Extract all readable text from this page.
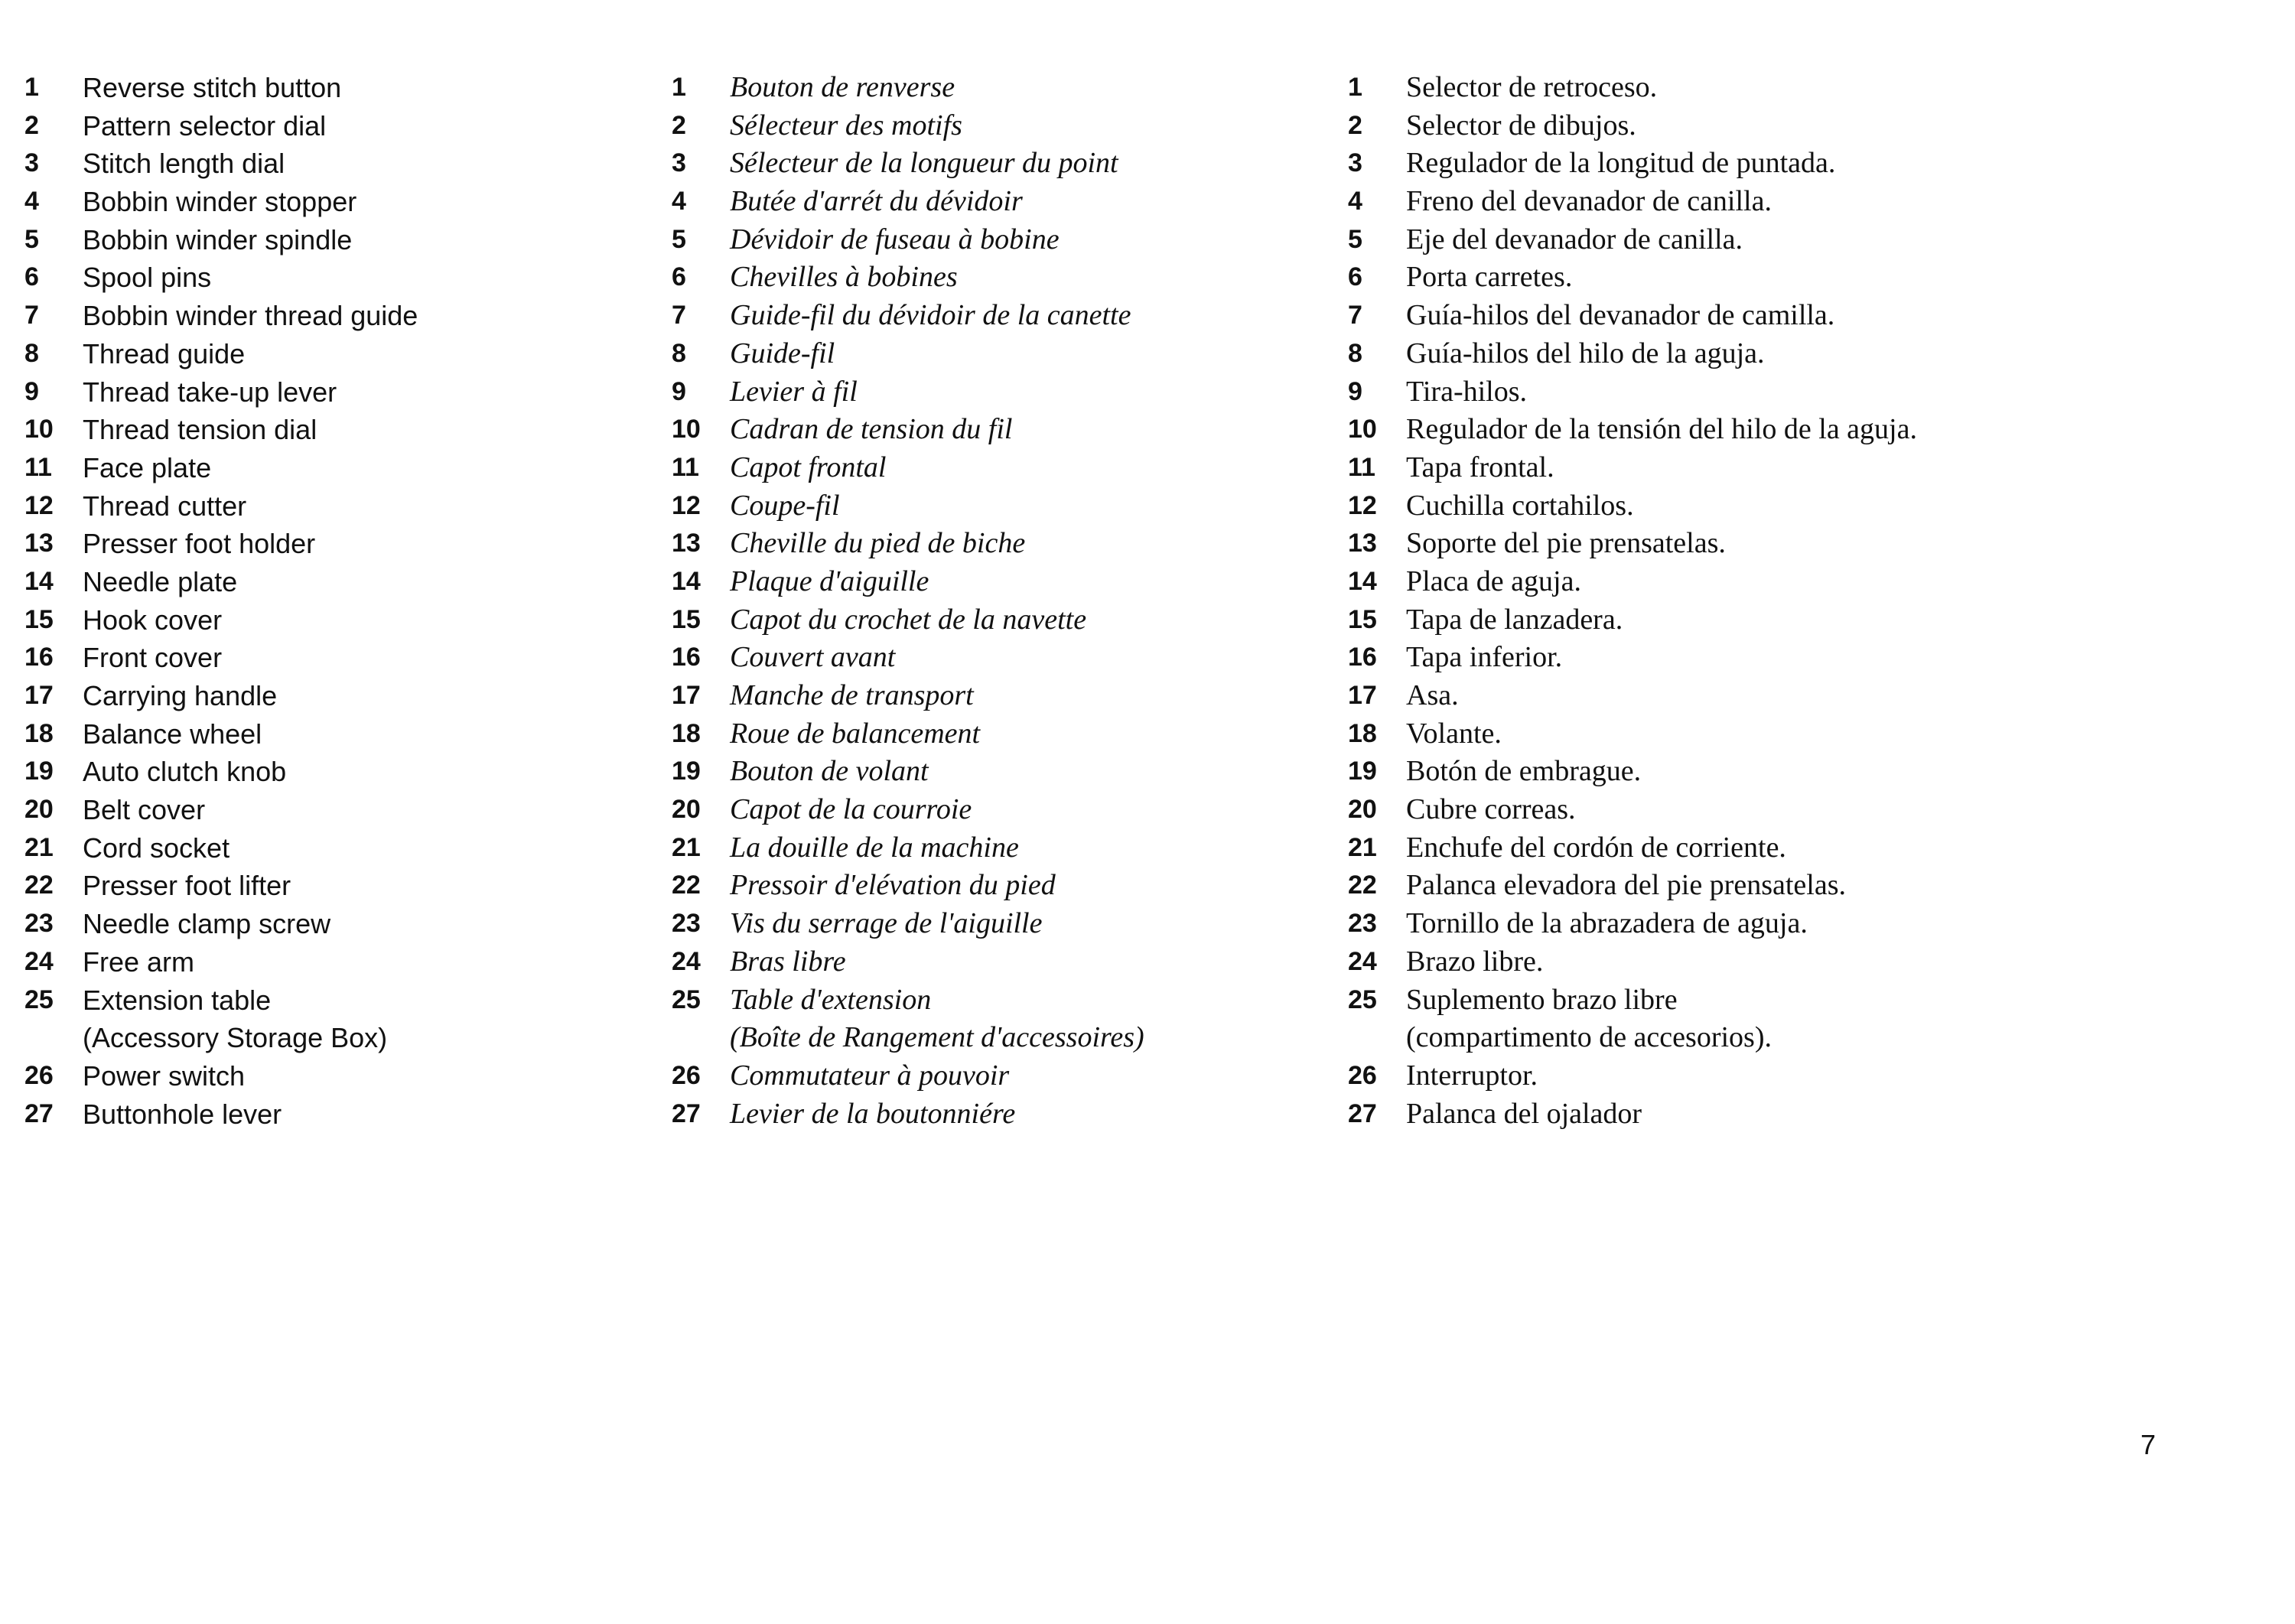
1 Reverse stitch button
2 Pattern selector dial
3 Stitch length dial
4 Bobbin winder stopper
5 Bobbin winder spindle
6 Spool pins
7 Bobbin winder thread guide
8 Thread guide
9 Thread take-up lever
10 Thread tension dial
11 Face plate
12 Thread cutter
13 Presser foot holder
14 Needle plate
15 Hook cover
16 Front cover
17 Carrying handle
18 Balance wheel
19 Auto clutch knob
20 Belt cover
21 Cord socket
22 Presser foot lifter
23 Needle clamp screw
24 Free arm
25 Extension table
(Accessory Storage Box)
26 Power switch
27 Buttonhole lever
1 Bouton de renverse
2 Sélecteur des motifs
3 Sélecteur de la longueur du point
4 Butée d'arrét du dévidoir
5 Dévidoir de fuseau à bobine
6 Chevilles à bobines
7 Guide-fil du dévidoir de la canette
8 Guide-fil
9 Levier à fil
10 Cadran de tension du fil
11 Capot frontal
12 Coupe-fil
13 Cheville du pied de biche
14 Plaque d'aiguille
15 Capot du crochet de la navette
16 Couvert avant
17 Manche de transport
18 Roue de balancement
19 Bouton de volant
20 Capot de la courroie
21 La douille de la machine
22 Pressoir d'elévation du pied
23 Vis du serrage de l'aiguille
24 Bras libre
25 Table d'extension
(Boîte de Rangement d'accessoires)
26 Commutateur à pouvoir
27 Levier de la boutonniére
1 Selector de retroceso.
2 Selector de dibujos.
3 Regulador de la longitud de puntada.
4 Freno del devanador de canilla.
5 Eje del devanador de canilla.
6 Porta carretes.
7 Guía-hilos del devanador de camilla.
8 Guía-hilos del hilo de la aguja.
9 Tira-hilos.
10 Regulador de la tensión del hilo de la aguja.
11 Tapa frontal.
12 Cuchilla cortahilos.
13 Soporte del pie prensatelas.
14 Placa de aguja.
15 Tapa de lanzadera.
16 Tapa inferior.
17 Asa.
18 Volante.
19 Botón de embrague.
20 Cubre correas.
21 Enchufe del cordón de corriente.
22 Palanca elevadora del pie prensatelas.
23 Tornillo de la abrazadera de aguja.
24 Brazo libre.
25 Suplemento brazo libre
(compartimento de accesorios).
26 Interruptor.
27 Palanca del ojalador
7
